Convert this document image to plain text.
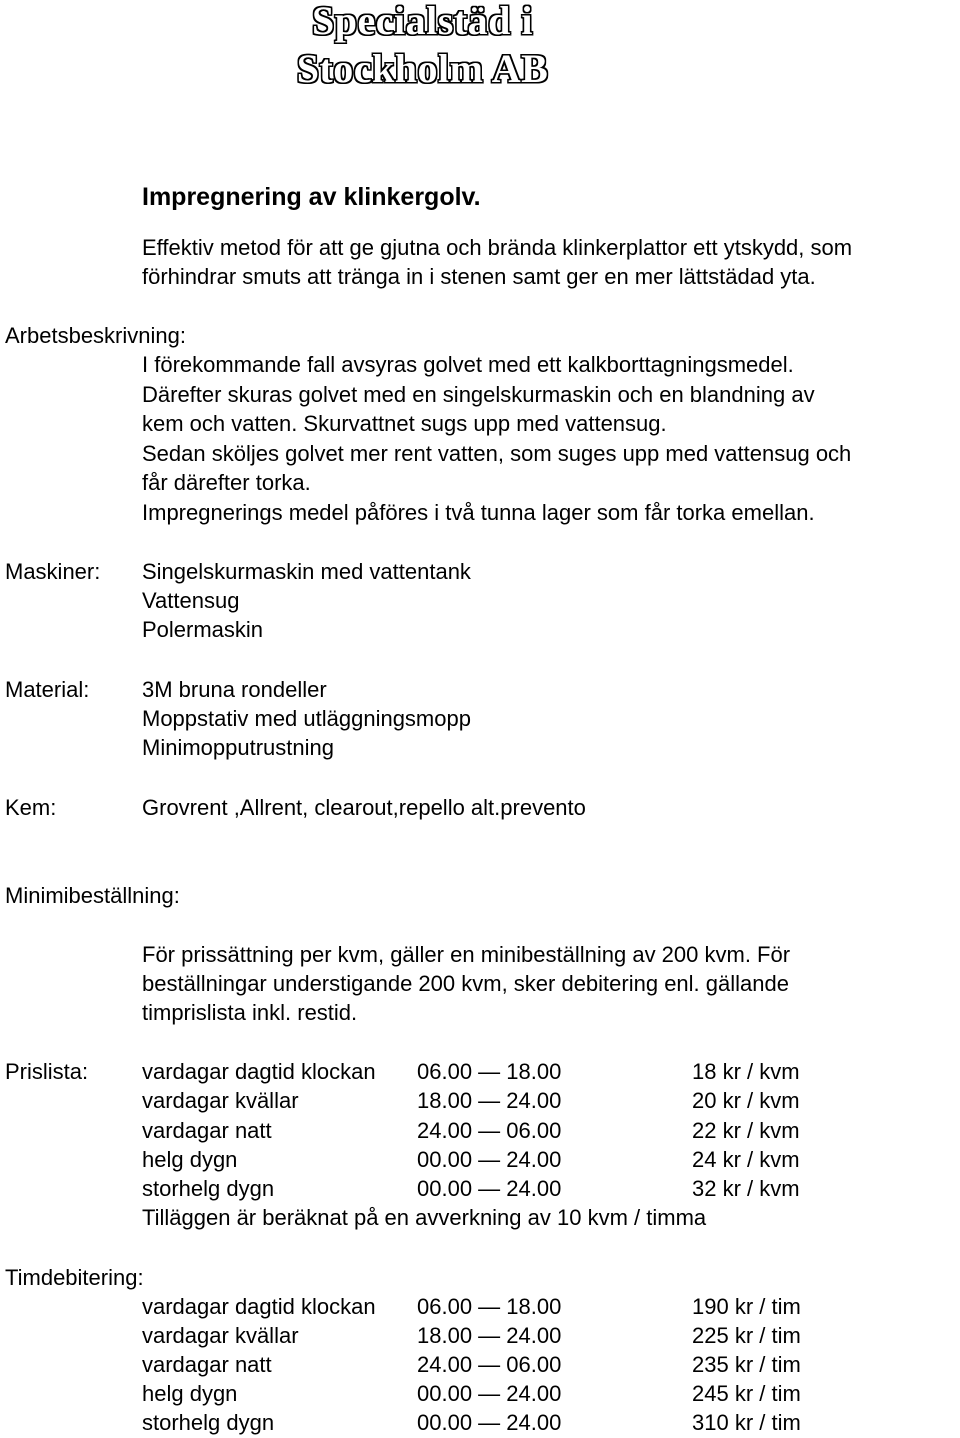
Specialstäd i
Stockholm AB
Impregnering av klinkergolv.
Effektiv metod för att ge gjutna och brända klinkerplattor ett ytskydd, som
förhindrar smuts att tränga in i stenen samt ger en mer lättstädad yta.
Arbetsbeskrivning:
I förekommande fall avsyras golvet med ett kalkborttagningsmedel.
Därefter skuras golvet med en singelskurmaskin och en blandning av
kem och vatten. Skurvattnet sugs upp med vattensug.
Sedan sköljes golvet mer rent vatten, som suges upp med vattensug och
får därefter torka.
Impregnerings medel påföres i två tunna lager som får torka emellan.
Maskiner: Singelskurmaskin med vattentank
Vattensug
Polermaskin
Material: 3M bruna rondeller
Moppstativ med utläggningsmopp
Minimopputrustning
Kem:	Grovrent ,Allrent, clearout,repello alt.prevento
Minimibeställning:
För prissättning per kvm, gäller en minibeställning av 200 kvm. För
beställningar understigande 200 kvm, sker debitering enl. gällande
timprislista inkl. restid.
Prislista: vardagar dagtid klockan 06.00 — 18.00	18 kr / kvm
vardagar kvällar	18.00 — 24.00	20 kr / kvm
vardagar natt	24.00 — 06.00	22 kr / kvm
helg dygn	00.00 — 24.00	24 kr / kvm
storhelg dygn	00.00 — 24.00	32 kr / kvm
Tilläggen är beräknat på en avverkning av 10 kvm / timma
Timdebitering:
vardagar dagtid klockan 06.00 — 18.00	190 kr / tim
vardagar kvällar	18.00 — 24.00	225 kr / tim
vardagar natt	24.00 — 06.00	235 kr / tim
helg dygn	00.00 — 24.00	245 kr / tim
storhelg dygn	00.00 — 24.00	310 kr / tim
